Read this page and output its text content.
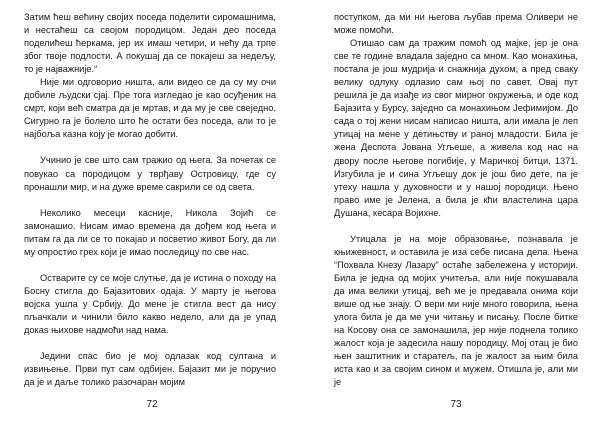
Затим ћеш већину својих поседа поделити сиромашнима, и нестаћеш са својом породицом. Један део поседа поделићеш ћеркама, јер их имаш четири, и нећу да трпе због твоје подлости. А покушај да се покајеш за недељу, то је најважније.“

Није ми одговорио ништа, али видео се да су му очи добиле људски сјај. Пре тога изгледао је као осуђеник на смрт, који већ сматра да је мртав, и да му је све свеједно. Сигурно га је болело што ће остати без поседа, али то је најбоља казна коју је могао добити.

Учинио је све што сам тражио од њега. За почетак се повукао са породицом у тврђаву Островицу, где су пронашли мир, и на дуже време сакрили се од света.

Неколико месеци касније, Никола Зојић се замонашио. Нисам имао времена да дођем код њега и питам га да ли се то покајао и посветио живот Богу, да ли му опростио грех који је имао последицу по све нас.

Остварите су се моје слутње, да је истина о походу на Босну стигла до Бајазитових одаја. У марту је његова војска ушла у Србију. До мене је стигла вест да нису пљачкали и чинили било какво недело, али да је упад докаѕ њихове надмоћи над нама.

Једини спас био је мој одлазак код султана и извињење. Први пут сам одбијен. Бајазит ми је поручио да је и даље толико разочаран мојим

72

поступком, да ми ни његова љубав према Оливери не може помоћи.

Отишао сам да тражим помоћ од мајке, јер је она све те године владала заједно са мном. Као монахиња, постала је још мудрија и снажнија духом, а пред сваку велику одлуку одлазио сам њој по савет. Овај пут решила је да изађе из свог мирног окружења, и оде код Бајазита у Бурсу, заједно са монахињом Јефимијом. До сада о тој жени нисам написао ништа, али имала је леп утицај на мене у детињству и раној младости. Била је жена Деспота Јована Угљеше, а живела код нас на двору после његове погибије, у Маричкој битци, 1371. Изгубила је и сина Угљешу док је још био дете, па је утеху нашла у духовности и у нашој породици. Њено право име је Јелена, а била је кћи властелина цара Душана, кесара Војихне.

Утицала је на моје образовање, познавала је књижевност, и оставила је иза себе писана дела. Њена “Похвала Кнезу Лазару” остаће забележена у историји. Била је једна од мојих учитеља, али није покушавала да има велики утицај, већ ме је предавала онима који више од ње знају. О вери ми није много говорила, њена улога била је да ме учи читању и писању. После битке на Косову она се замонашила, јер није поднела толико жалост која је задесила нашу породицу. Мој отац је био њен заштитник и старатељ, па је жалост за њим била иста као и за својим сином и мужем. Отишла је, али ми је

73
